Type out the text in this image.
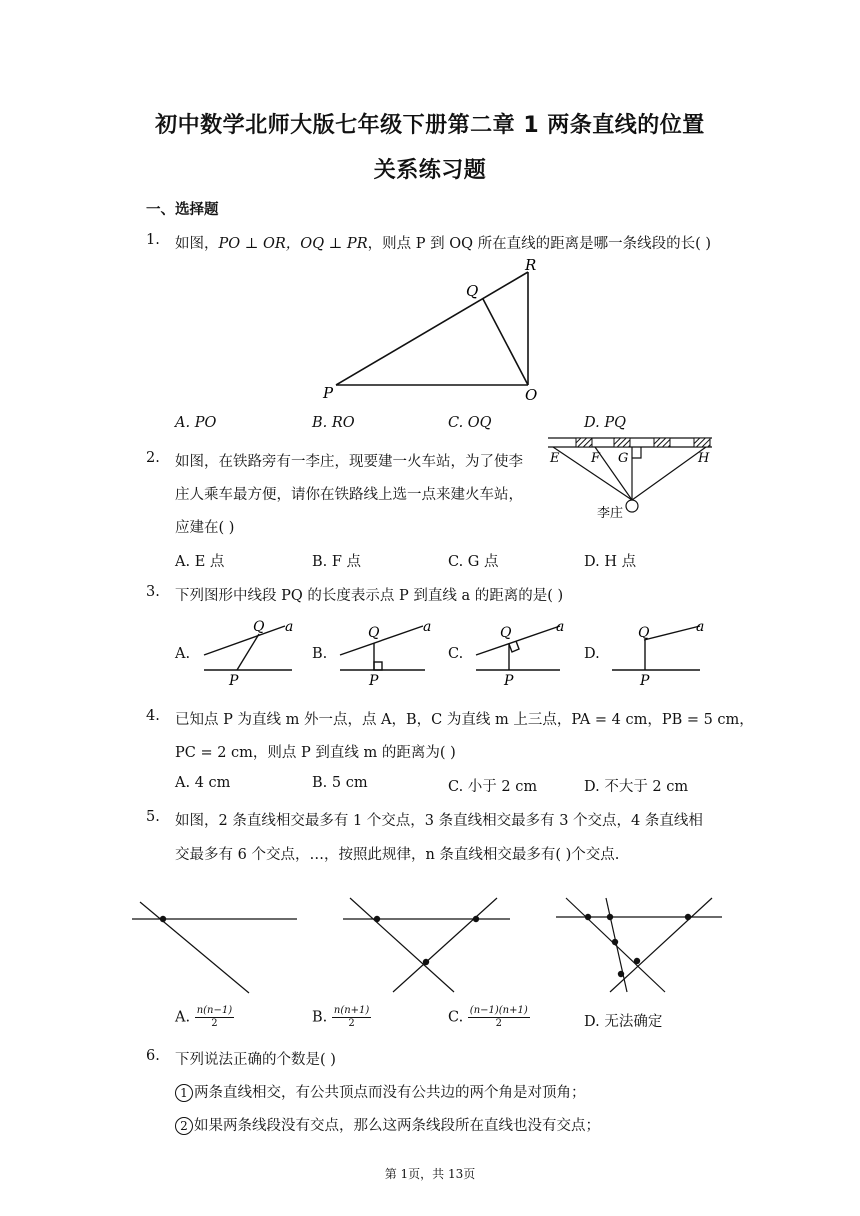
初中数学北师大版七年级下册第二章 1 两条直线的位置
关系练习题
一、选择题
1. 如图，PO ⊥ OR，OQ ⊥ PR，则点 P 到 OQ 所在直线的距离是哪一条线段的长( )
R
Q
P	O
A. PO	B. RO	C. OQ	D. PQ
2. 如图，在铁路旁有一李庄，现要建一火车站，为了使李
庄人乘车最方便，请你在铁路线上选一点来建火车站，
应建在( )
E F G	H
李庄
A. E 点	B. F 点	C. G 点	D. H 点
3. 下列图形中线段 PQ 的长度表示点 P 到直线 a 的距离的是( )
A.	B.	C.	D.
Q a
P
Q	a
P
Q	a
P
Q	a
P
4. 已知点 P 为直线 m 外一点，点 A，B，C 为直线 m 上三点，PA = 4 cm，PB = 5 cm，
PC = 2 cm，则点 P 到直线 m 的距离为( )
A. 4 cm	B. 5 cm	C. 小于 2 cm	D. 不大于 2 cm
5. 如图，2 条直线相交最多有 1 个交点，3 条直线相交最多有 3 个交点，4 条直线相
交最多有 6 个交点，…，按照此规律，n 条直线相交最多有( )个交点.
A. $\frac{n(n-1)}{2}$	B. $\frac{n(n+1)}{2}$	C. $\frac{(n-1)(n+1)}{2}$	D. 无法确定
6. 下列说法正确的个数是( )
1 两条直线相交，有公共顶点而没有公共边的两个角是对顶角；
2 如果两条线段没有交点，那么这两条线段所在直线也没有交点；
第 1页，共 13页
